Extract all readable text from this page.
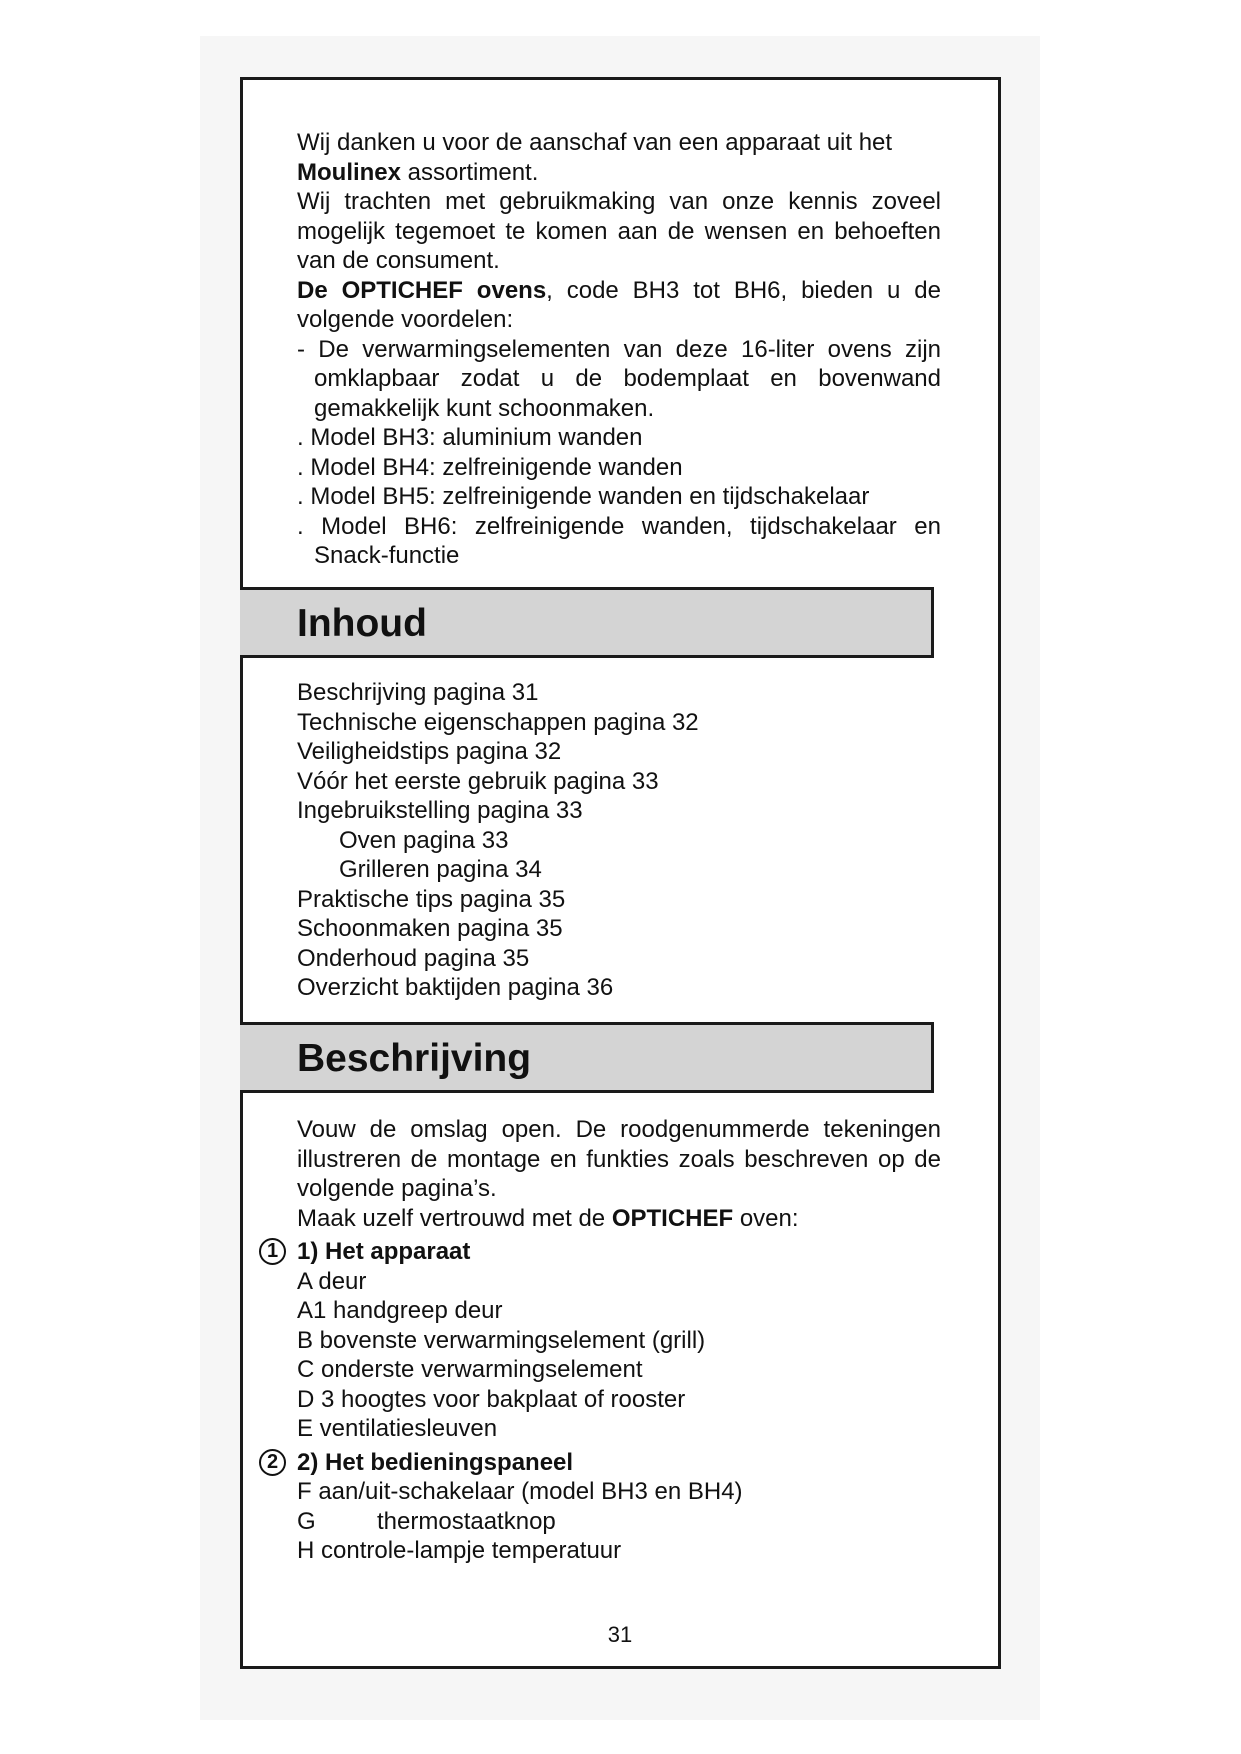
Wij danken u voor de aanschaf van een apparaat uit het
Moulinex assortiment.

Wij trachten met gebruikmaking van onze kennis zoveel mogelijk tegemoet te komen aan de wensen en behoeften van de consument.

De OPTICHEF ovens, code BH3 tot BH6, bieden u de volgende voordelen:

- De verwarmingselementen van deze 16-liter ovens zijn omklapbaar zodat u de bodemplaat en bovenwand gemakkelijk kunt schoonmaken.

. Model BH3: aluminium wanden

. Model BH4: zelfreinigende wanden

. Model BH5: zelfreinigende wanden en tijdschakelaar

. Model BH6: zelfreinigende wanden, tijdschakelaar en Snack-functie

Inhoud

Beschrijving pagina 31

Technische eigenschappen pagina 32

Veiligheidstips pagina 32

Vóór het eerste gebruik pagina 33

Ingebruikstelling pagina 33

Oven pagina 33

Grilleren pagina 34

Praktische tips pagina 35

Schoonmaken pagina 35

Onderhoud pagina 35

Overzicht baktijden pagina 36

Beschrijving

Vouw de omslag open. De roodgenummerde tekeningen illustreren de montage en funkties zoals beschreven op de volgende pagina’s.

Maak uzelf vertrouwd met de OPTICHEF oven:

1 1) Het apparaat

A deur

A1 handgreep deur

B bovenste verwarmingselement (grill)

C onderste verwarmingselement

D 3 hoogtes voor bakplaat of rooster

E ventilatiesleuven

2 2) Het bedieningspaneel

F aan/uit-schakelaar (model BH3 en BH4)

G	thermostaatknop

H controle-lampje temperatuur

31
